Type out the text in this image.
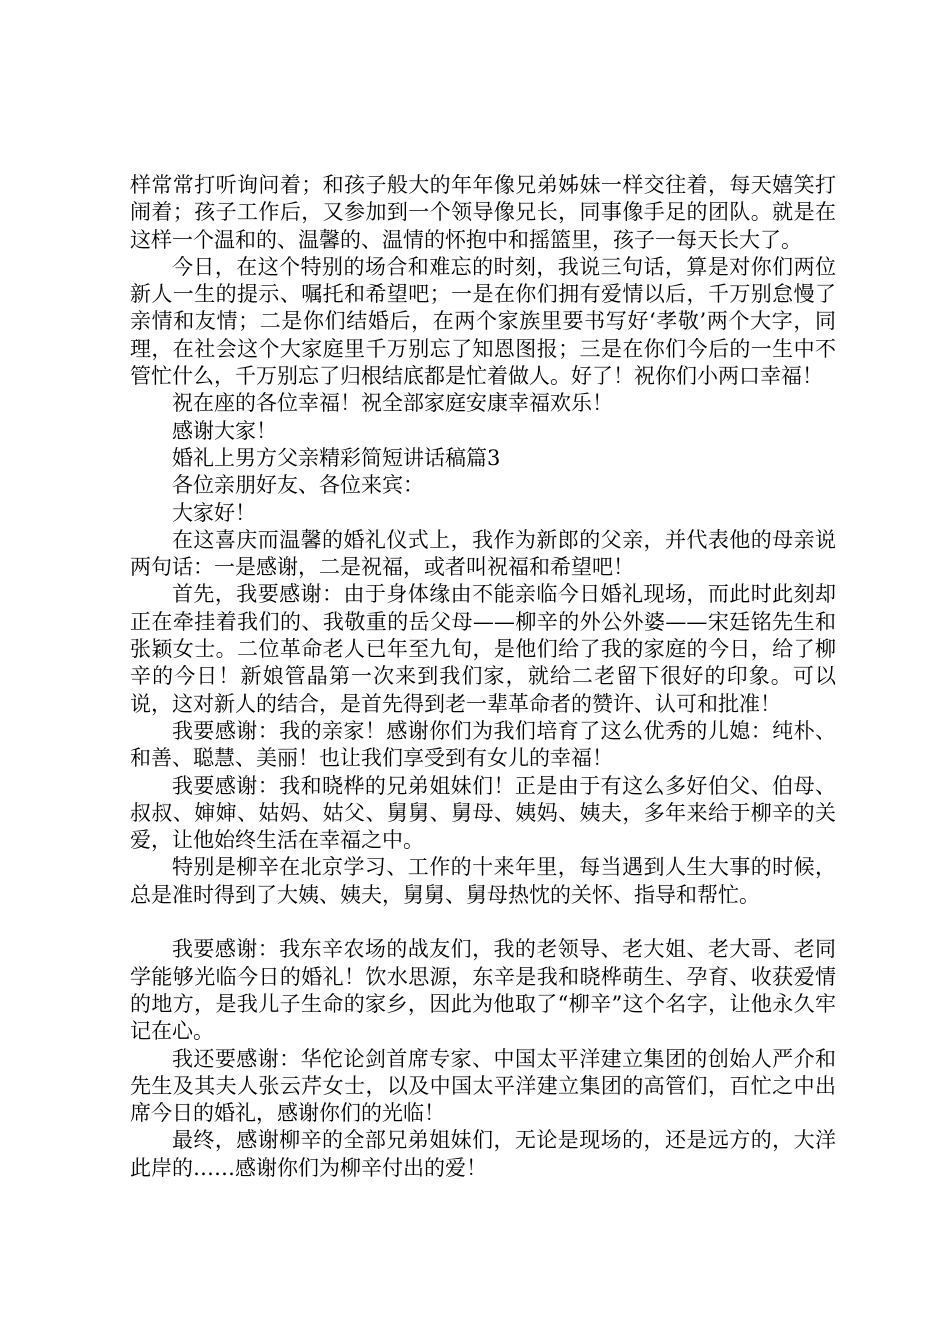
样常常打听询问着；和孩子般大的年年像兄弟姊妹一样交往着，每天嬉笑打闹着；孩子工作后，又参加到一个领导像兄长，同事像手足的团队。就是在这样一个温和的、温馨的、温情的怀抱中和摇篮里，孩子一每天长大了。

今日，在这个特别的场合和难忘的时刻，我说三句话，算是对你们两位新人一生的提示、嘱托和希望吧；一是在你们拥有爱情以后，千万别怠慢了亲情和友情；二是你们结婚后，在两个家族里要书写好‘孝敬’两个大字，同理，在社会这个大家庭里千万别忘了知恩图报；三是在你们今后的一生中不管忙什么，千万别忘了归根结底都是忙着做人。好了！祝你们小两口幸福！

祝在座的各位幸福！祝全部家庭安康幸福欢乐！

感谢大家！

婚礼上男方父亲精彩简短讲话稿篇3

各位亲朋好友、各位来宾：

大家好！

在这喜庆而温馨的婚礼仪式上，我作为新郎的父亲，并代表他的母亲说两句话：一是感谢，二是祝福，或者叫祝福和希望吧！

首先，我要感谢：由于身体缘由不能亲临今日婚礼现场，而此时此刻却正在牵挂着我们的、我敬重的岳父母——柳辛的外公外婆——宋廷铭先生和张颖女士。二位革命老人已年至九旬，是他们给了我的家庭的今日，给了柳辛的今日！新娘管晶第一次来到我们家，就给二老留下很好的印象。可以说，这对新人的结合，是首先得到老一辈革命者的赞许、认可和批准！

我要感谢：我的亲家！感谢你们为我们培育了这么优秀的儿媳：纯朴、和善、聪慧、美丽！也让我们享受到有女儿的幸福！

我要感谢：我和晓桦的兄弟姐妹们！正是由于有这么多好伯父、伯母、叔叔、婶婶、姑妈、姑父、舅舅、舅母、姨妈、姨夫，多年来给于柳辛的关爱，让他始终生活在幸福之中。

特别是柳辛在北京学习、工作的十来年里，每当遇到人生大事的时候，总是准时得到了大姨、姨夫，舅舅、舅母热忱的关怀、指导和帮忙。

我要感谢：我东辛农场的战友们，我的老领导、老大姐、老大哥、老同学能够光临今日的婚礼！饮水思源，东辛是我和晓桦萌生、孕育、收获爱情的地方，是我儿子生命的家乡，因此为他取了“柳辛”这个名字，让他永久牢记在心。

我还要感谢：华佗论剑首席专家、中国太平洋建立集团的创始人严介和先生及其夫人张云芹女士，以及中国太平洋建立集团的高管们，百忙之中出席今日的婚礼，感谢你们的光临！

最终，感谢柳辛的全部兄弟姐妹们，无论是现场的，还是远方的，大洋此岸的……感谢你们为柳辛付出的爱！
